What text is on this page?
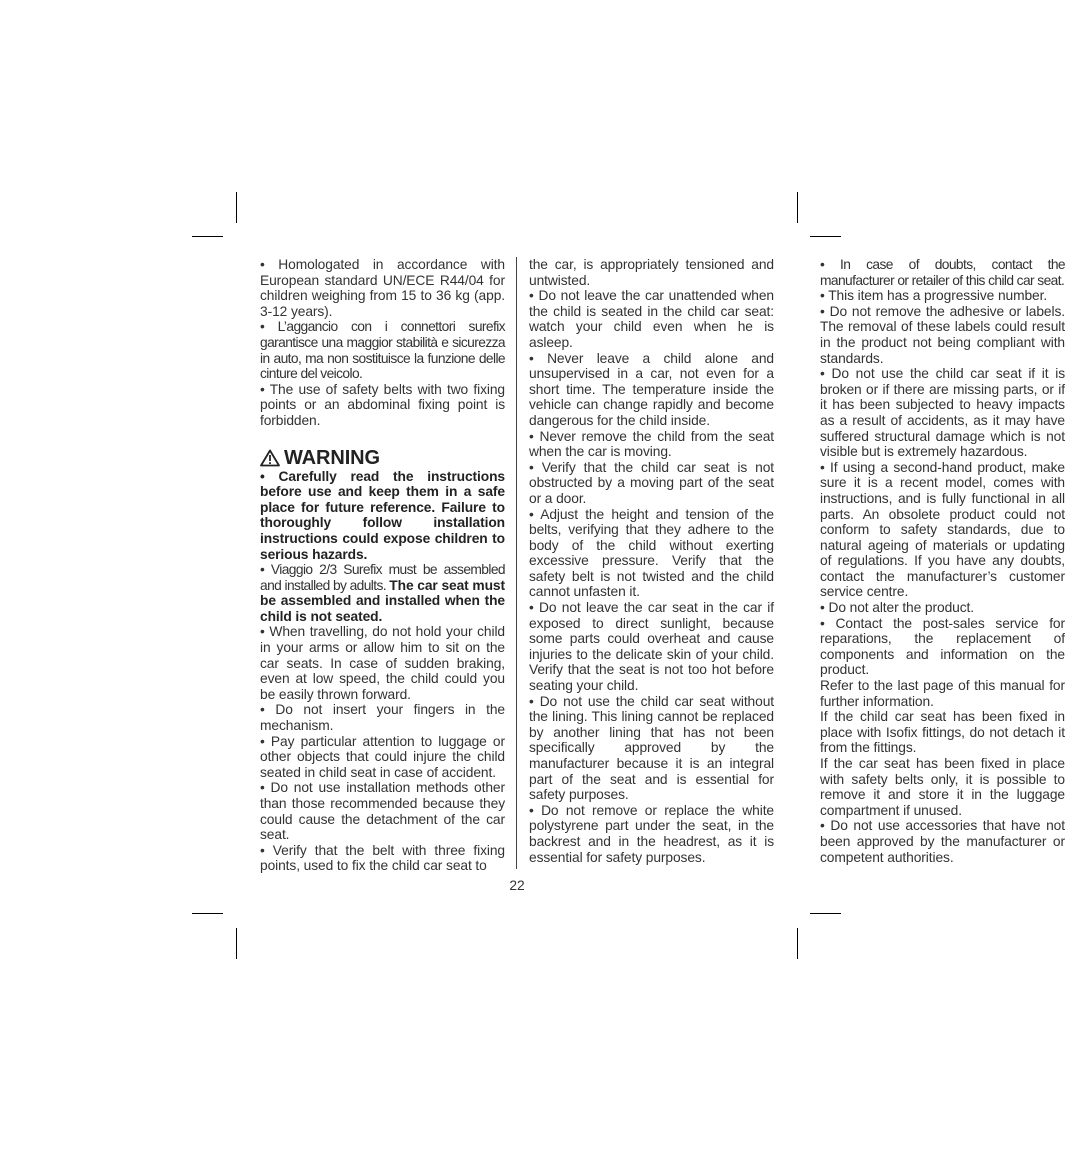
• Homologated in accordance with European standard UN/ECE R44/04 for children weighing from 15 to 36 kg (app. 3-12 years).

• L’aggancio con i connettori surefix garantisce una maggior stabilità e sicurezza in auto, ma non sostituisce la funzione delle cinture del veicolo.

• The use of safety belts with two fixing points or an abdominal fixing point is forbidden.

WARNING

• Carefully read the instructions before use and keep them in a safe place for future reference. Failure to thoroughly follow installation instructions could expose children to serious hazards.

• Viaggio 2/3 Surefix must be assembled and installed by adults. The car seat must be assembled and installed when the child is not seated.

• When travelling, do not hold your child in your arms or allow him to sit on the car seats. In case of sudden braking, even at low speed, the child could you be easily thrown forward.

• Do not insert your fingers in the mechanism.

• Pay particular attention to luggage or other objects that could injure the child seated in child seat in case of accident.

• Do not use installation methods other than those recommended because they could cause the detachment of the car seat.

• Verify that the belt with three fixing points, used to fix the child car seat to

the car, is appropriately tensioned and untwisted.

• Do not leave the car unattended when the child is seated in the child car seat: watch your child even when he is asleep.

• Never leave a child alone and unsupervised in a car, not even for a short time. The temperature inside the vehicle can change rapidly and become dangerous for the child inside.

• Never remove the child from the seat when the car is moving.

• Verify that the child car seat is not obstructed by a moving part of the seat or a door.

• Adjust the height and tension of the belts, verifying that they adhere to the body of the child without exerting excessive pressure. Verify that the safety belt is not twisted and the child cannot unfasten it.

• Do not leave the car seat in the car if exposed to direct sunlight, because some parts could overheat and cause injuries to the delicate skin of your child. Verify that the seat is not too hot before seating your child.

• Do not use the child car seat without the lining. This lining cannot be replaced by another lining that has not been specifically approved by the manufacturer because it is an integral part of the seat and is essential for safety purposes.

• Do not remove or replace the white polystyrene part under the seat, in the backrest and in the headrest, as it is essential for safety purposes.

• In case of doubts, contact the manufacturer or retailer of this child car seat.

• This item has a progressive number.

• Do not remove the adhesive or labels. The removal of these labels could result in the product not being compliant with standards.

• Do not use the child car seat if it is broken or if there are missing parts, or if it has been subjected to heavy impacts as a result of accidents, as it may have suffered structural damage which is not visible but is extremely hazardous.

• If using a second-hand product, make sure it is a recent model, comes with instructions, and is fully functional in all parts. An obsolete product could not conform to safety standards, due to natural ageing of materials or updating of regulations. If you have any doubts, contact the manufacturer’s customer service centre.

• Do not alter the product.

• Contact the post-sales service for reparations, the replacement of components and information on the product.

Refer to the last page of this manual for further information.

If the child car seat has been fixed in place with Isofix fittings, do not detach it from the fittings.

If the car seat has been fixed in place with safety belts only, it is possible to remove it and store it in the luggage compartment if unused.

• Do not use accessories that have not been approved by the manufacturer or competent authorities.

22
